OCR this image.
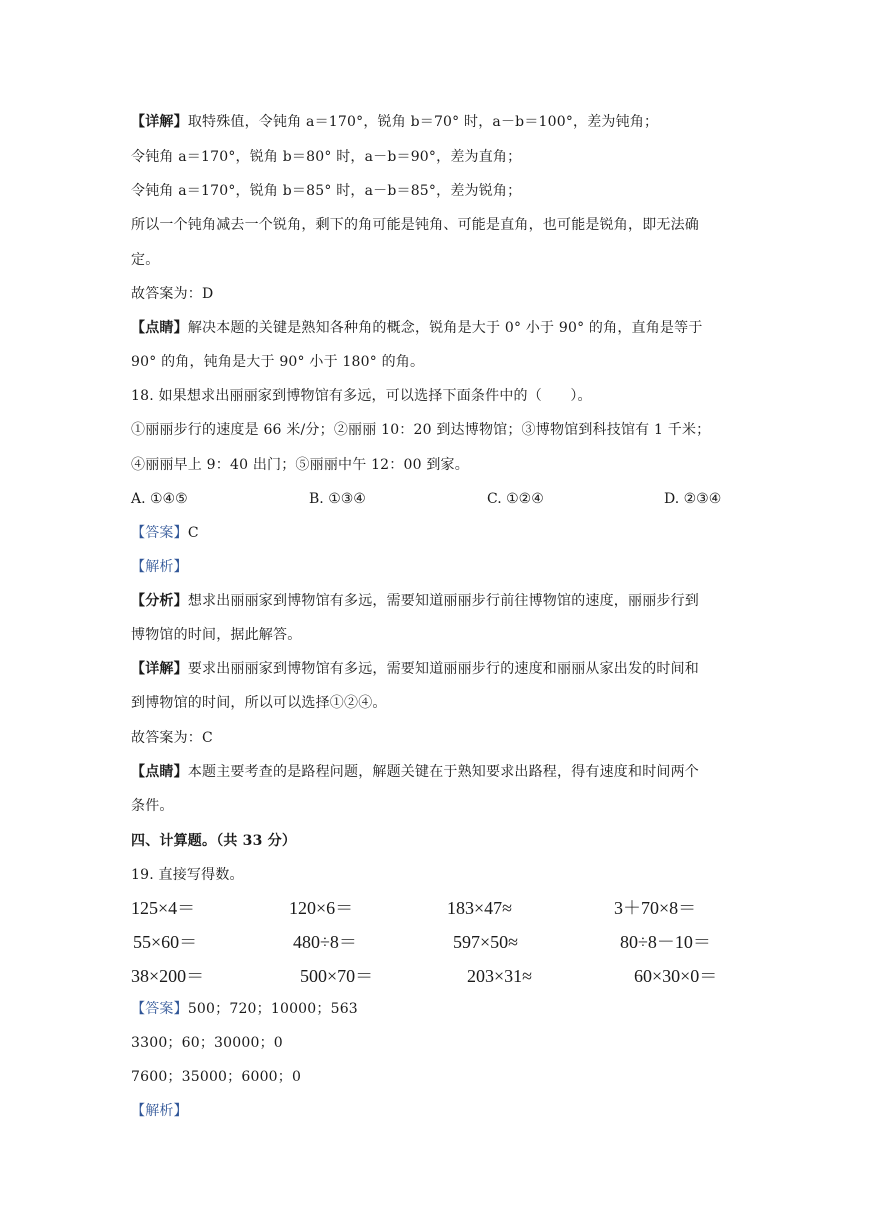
【详解】取特殊值，令钝角 a＝170°，锐角 b＝70° 时，a－b＝100°，差为钝角；
令钝角 a＝170°，锐角 b＝80° 时，a－b＝90°，差为直角；
令钝角 a＝170°，锐角 b＝85° 时，a－b＝85°，差为锐角；
所以一个钝角减去一个锐角，剩下的角可能是钝角、可能是直角，也可能是锐角，即无法确
定。
故答案为：D
【点睛】解决本题的关键是熟知各种角的概念，锐角是大于 0° 小于 90° 的角，直角是等于
90° 的角，钝角是大于 90° 小于 180° 的角。
18. 如果想求出丽丽家到博物馆有多远，可以选择下面条件中的（　　）。
①丽丽步行的速度是 66 米/分；②丽丽 10：20 到达博物馆；③博物馆到科技馆有 1 千米；
④丽丽早上 9：40 出门；⑤丽丽中午 12：00 到家。
A. ①④⑤	B. ①③④	C. ①②④	D. ②③④
【答案】C
【解析】
【分析】想求出丽丽家到博物馆有多远，需要知道丽丽步行前往博物馆的速度，丽丽步行到
博物馆的时间，据此解答。
【详解】要求出丽丽家到博物馆有多远，需要知道丽丽步行的速度和丽丽从家出发的时间和
到博物馆的时间，所以可以选择①②④。
故答案为：C
【点睛】本题主要考查的是路程问题，解题关键在于熟知要求出路程，得有速度和时间两个
条件。
四、计算题。（共 33 分）
19. 直接写得数。
125×4＝	120×6＝	183×47≈	3＋70×8＝
55×60＝	480÷8＝	597×50≈	80÷8－10＝
38×200＝	500×70＝	203×31≈	60×30×0＝
【答案】500；720；10000；563
3300；60；30000；0
7600；35000；6000；0
【解析】
